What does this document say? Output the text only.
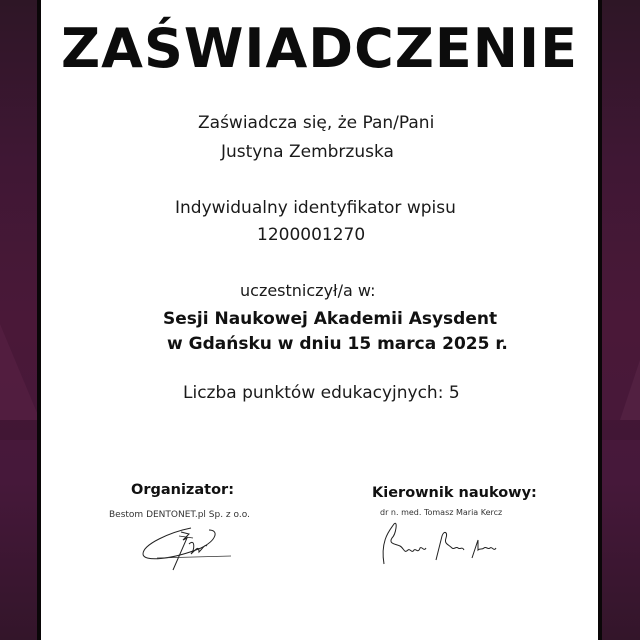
ZAŚWIADCZENIE
Zaświadcza się, że Pan/Pani
Justyna Zembrzuska
Indywidualny identyfikator wpisu
1200001270
uczestniczył/a w:
Sesji Naukowej Akademii Asysdent
w Gdańsku w dniu 15 marca 2025 r.
Liczba punktów edukacyjnych: 5
Organizator:
Bestom DENTONET.pl Sp. z o.o.
Kierownik naukowy:
dr n. med. Tomasz Maria Kercz
